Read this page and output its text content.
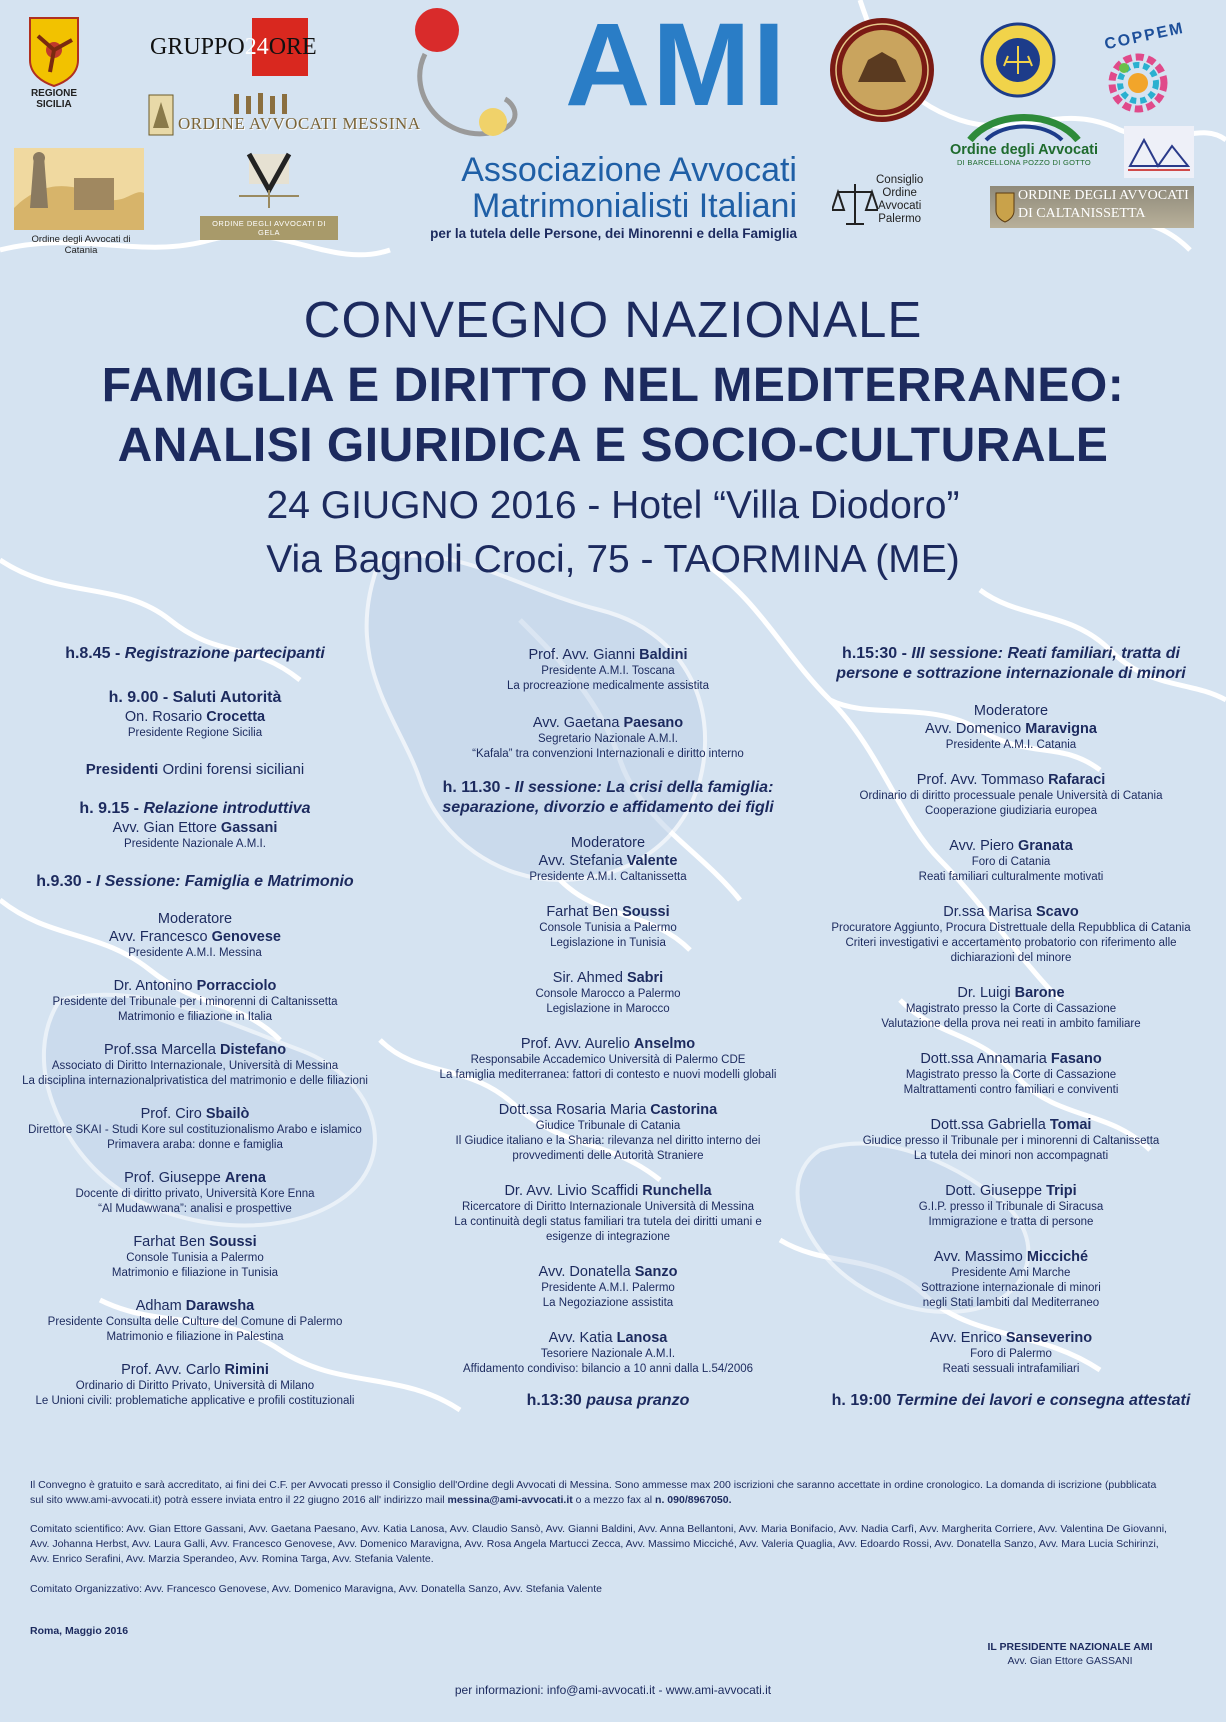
REGIONE SICILIA
GRUPPO24ORE
ORDINE AVVOCATI MESSINA
Ordine degli Avvocati di Catania
ORDINE DEGLI AVVOCATI DI GELA
AMI
Associazione Avvocati
Matrimonialisti Italiani
per la tutela delle Persone, dei Minorenni e della Famiglia
COPPEM
Ordine degli Avvocati
DI BARCELLONA POZZO DI GOTTO
Consiglio
Ordine
Avvocati
Palermo
ORDINE DEGLI AVVOCATI
DI CALTANISSETTA
CONVEGNO NAZIONALE
FAMIGLIA E DIRITTO NEL MEDITERRANEO:
ANALISI GIURIDICA E SOCIO-CULTURALE
24 GIUGNO 2016 - Hotel “Villa Diodoro”
Via Bagnoli Croci, 75 - TAORMINA (ME)

h.8.45 - Registrazione partecipanti

h. 9.00 - Saluti Autorità

On. Rosario Crocetta

Presidente Regione Sicilia

Presidenti Ordini forensi siciliani

h. 9.15 - Relazione introduttiva

Avv. Gian Ettore Gassani

Presidente Nazionale A.M.I.

h.9.30 - I Sessione: Famiglia e Matrimonio

Moderatore

Avv. Francesco Genovese

Presidente A.M.I. Messina

Dr. Antonino Porracciolo

Presidente del Tribunale per i minorenni di Caltanissetta

Matrimonio e filiazione in Italia

Prof.ssa Marcella Distefano

Associato di Diritto Internazionale, Università di Messina

La disciplina internazionalprivatistica del matrimonio e delle filiazioni

Prof. Ciro Sbailò

Direttore SKAI - Studi Kore sul costituzionalismo Arabo e islamico

Primavera araba: donne e famiglia

Prof. Giuseppe Arena

Docente di diritto privato, Università Kore Enna

“Al Mudawwana”: analisi e prospettive

Farhat Ben Soussi

Console Tunisia a Palermo

Matrimonio e filiazione in Tunisia

Adham Darawsha

Presidente Consulta delle Culture del Comune di Palermo

Matrimonio e filiazione in Palestina

Prof. Avv. Carlo Rimini

Ordinario di Diritto Privato, Università di Milano

Le Unioni civili: problematiche applicative e profili costituzionali

Prof. Avv. Gianni Baldini

Presidente A.M.I. Toscana

La procreazione medicalmente assistita

Avv. Gaetana Paesano

Segretario Nazionale A.M.I.

“Kafala” tra convenzioni Internazionali e diritto interno

h. 11.30 - II sessione: La crisi della famiglia:

separazione, divorzio e affidamento dei figli

Moderatore

Avv. Stefania Valente

Presidente A.M.I. Caltanissetta

Farhat Ben Soussi

Console Tunisia a Palermo

Legislazione in Tunisia

Sir. Ahmed Sabri

Console Marocco a Palermo

Legislazione in Marocco

Prof. Avv. Aurelio Anselmo

Responsabile Accademico Università di Palermo CDE

La famiglia mediterranea: fattori di contesto e nuovi modelli globali

Dott.ssa Rosaria Maria Castorina

Giudice Tribunale di Catania

Il Giudice italiano e la Sharia: rilevanza nel diritto interno dei

provvedimenti delle Autorità Straniere

Dr. Avv. Livio Scaffidi Runchella

Ricercatore di Diritto Internazionale Università di Messina

La continuità degli status familiari tra tutela dei diritti umani e

esigenze di integrazione

Avv. Donatella Sanzo

Presidente A.M.I. Palermo

La Negoziazione assistita

Avv. Katia Lanosa

Tesoriere Nazionale A.M.I.

Affidamento condiviso: bilancio a 10 anni dalla L.54/2006

h.13:30 pausa pranzo

h.15:30 - III sessione: Reati familiari, tratta di

persone e sottrazione internazionale di minori

Moderatore

Avv. Domenico Maravigna

Presidente A.M.I. Catania

Prof. Avv. Tommaso Rafaraci

Ordinario di diritto processuale penale Università di Catania

Cooperazione giudiziaria europea

Avv. Piero Granata

Foro di Catania

Reati familiari culturalmente motivati

Dr.ssa Marisa Scavo

Procuratore Aggiunto, Procura Distrettuale della Repubblica di Catania

Criteri investigativi e accertamento probatorio con riferimento alle

dichiarazioni del minore

Dr. Luigi Barone

Magistrato presso la Corte di Cassazione

Valutazione della prova nei reati in ambito familiare

Dott.ssa Annamaria Fasano

Magistrato presso la Corte di Cassazione

Maltrattamenti contro familiari e conviventi

Dott.ssa Gabriella Tomai

Giudice presso il Tribunale per i minorenni di Caltanissetta

La tutela dei minori non accompagnati

Dott. Giuseppe Tripi

G.I.P. presso il Tribunale di Siracusa

Immigrazione e tratta di persone

Avv. Massimo Micciché

Presidente Ami Marche

Sottrazione internazionale di minori

negli Stati lambiti dal Mediterraneo

Avv. Enrico Sanseverino

Foro di Palermo

Reati sessuali intrafamiliari

h. 19:00 Termine dei lavori e consegna attestati

Il Convegno è gratuito e sarà accreditato, ai fini dei C.F. per Avvocati presso il Consiglio dell'Ordine degli Avvocati di Messina. Sono ammesse max 200 iscrizioni che saranno accettate in ordine cronologico. La domanda di iscrizione (pubblicata sul sito www.ami-avvocati.it) potrà essere inviata entro il 22 giugno 2016 all' indirizzo mail messina@ami-avvocati.it o a mezzo fax al n. 090/8967050.
Comitato scientifico: Avv. Gian Ettore Gassani, Avv. Gaetana Paesano, Avv. Katia Lanosa, Avv. Claudio Sansò, Avv. Gianni Baldini, Avv. Anna Bellantoni, Avv. Maria Bonifacio, Avv. Nadia Carfì, Avv. Margherita Corriere, Avv. Valentina De Giovanni, Avv. Johanna Herbst, Avv. Laura Galli, Avv. Francesco Genovese, Avv. Domenico Maravigna, Avv. Rosa Angela Martucci Zecca, Avv. Massimo Micciché, Avv. Valeria Quaglia, Avv. Edoardo Rossi, Avv. Donatella Sanzo, Avv. Mara Lucia Schirinzi, Avv. Enrico Serafini, Avv. Marzia Sperandeo, Avv. Romina Targa, Avv. Stefania Valente.
Comitato Organizzativo: Avv. Francesco Genovese, Avv. Domenico Maravigna, Avv. Donatella Sanzo, Avv. Stefania Valente
Roma, Maggio 2016
IL PRESIDENTE NAZIONALE AMI
Avv. Gian Ettore GASSANI
per informazioni: info@ami-avvocati.it - www.ami-avvocati.it
